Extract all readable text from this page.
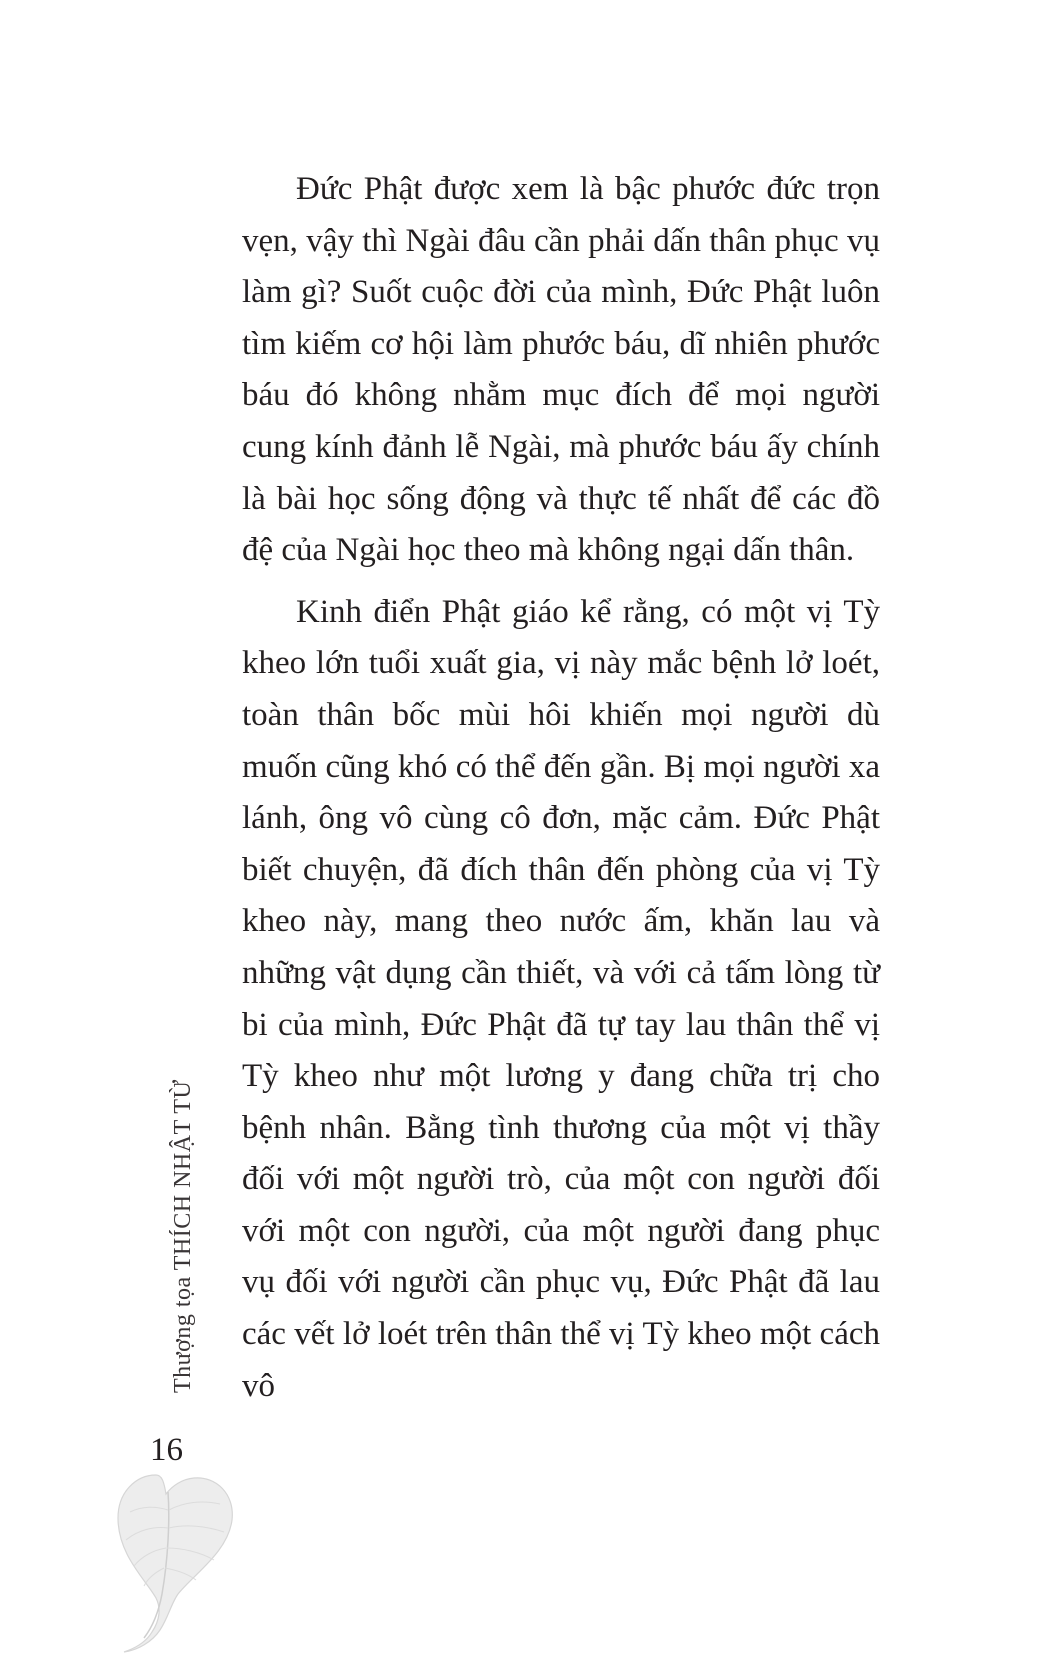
Đức Phật được xem là bậc phước đức trọn vẹn, vậy thì Ngài đâu cần phải dấn thân phục vụ làm gì? Suốt cuộc đời của mình, Đức Phật luôn tìm kiếm cơ hội làm phước báu, dĩ nhiên phước báu đó không nhằm mục đích để mọi người cung kính đảnh lễ Ngài, mà phước báu ấy chính là bài học sống động và thực tế nhất để các đồ đệ của Ngài học theo mà không ngại dấn thân.

Kinh điển Phật giáo kể rằng, có một vị Tỳ kheo lớn tuổi xuất gia, vị này mắc bệnh lở loét, toàn thân bốc mùi hôi khiến mọi người dù muốn cũng khó có thể đến gần. Bị mọi người xa lánh, ông vô cùng cô đơn, mặc cảm. Đức Phật biết chuyện, đã đích thân đến phòng của vị Tỳ kheo này, mang theo nước ấm, khăn lau và những vật dụng cần thiết, và với cả tấm lòng từ bi của mình, Đức Phật đã tự tay lau thân thể vị Tỳ kheo như một lương y đang chữa trị cho bệnh nhân. Bằng tình thương của một vị thầy đối với một người trò, của một con người đối với một con người, của một người đang phục vụ đối với người cần phục vụ, Đức Phật đã lau các vết lở loét trên thân thể vị Tỳ kheo một cách vô

Thượng tọa THÍCH NHẬT TỪ
16
